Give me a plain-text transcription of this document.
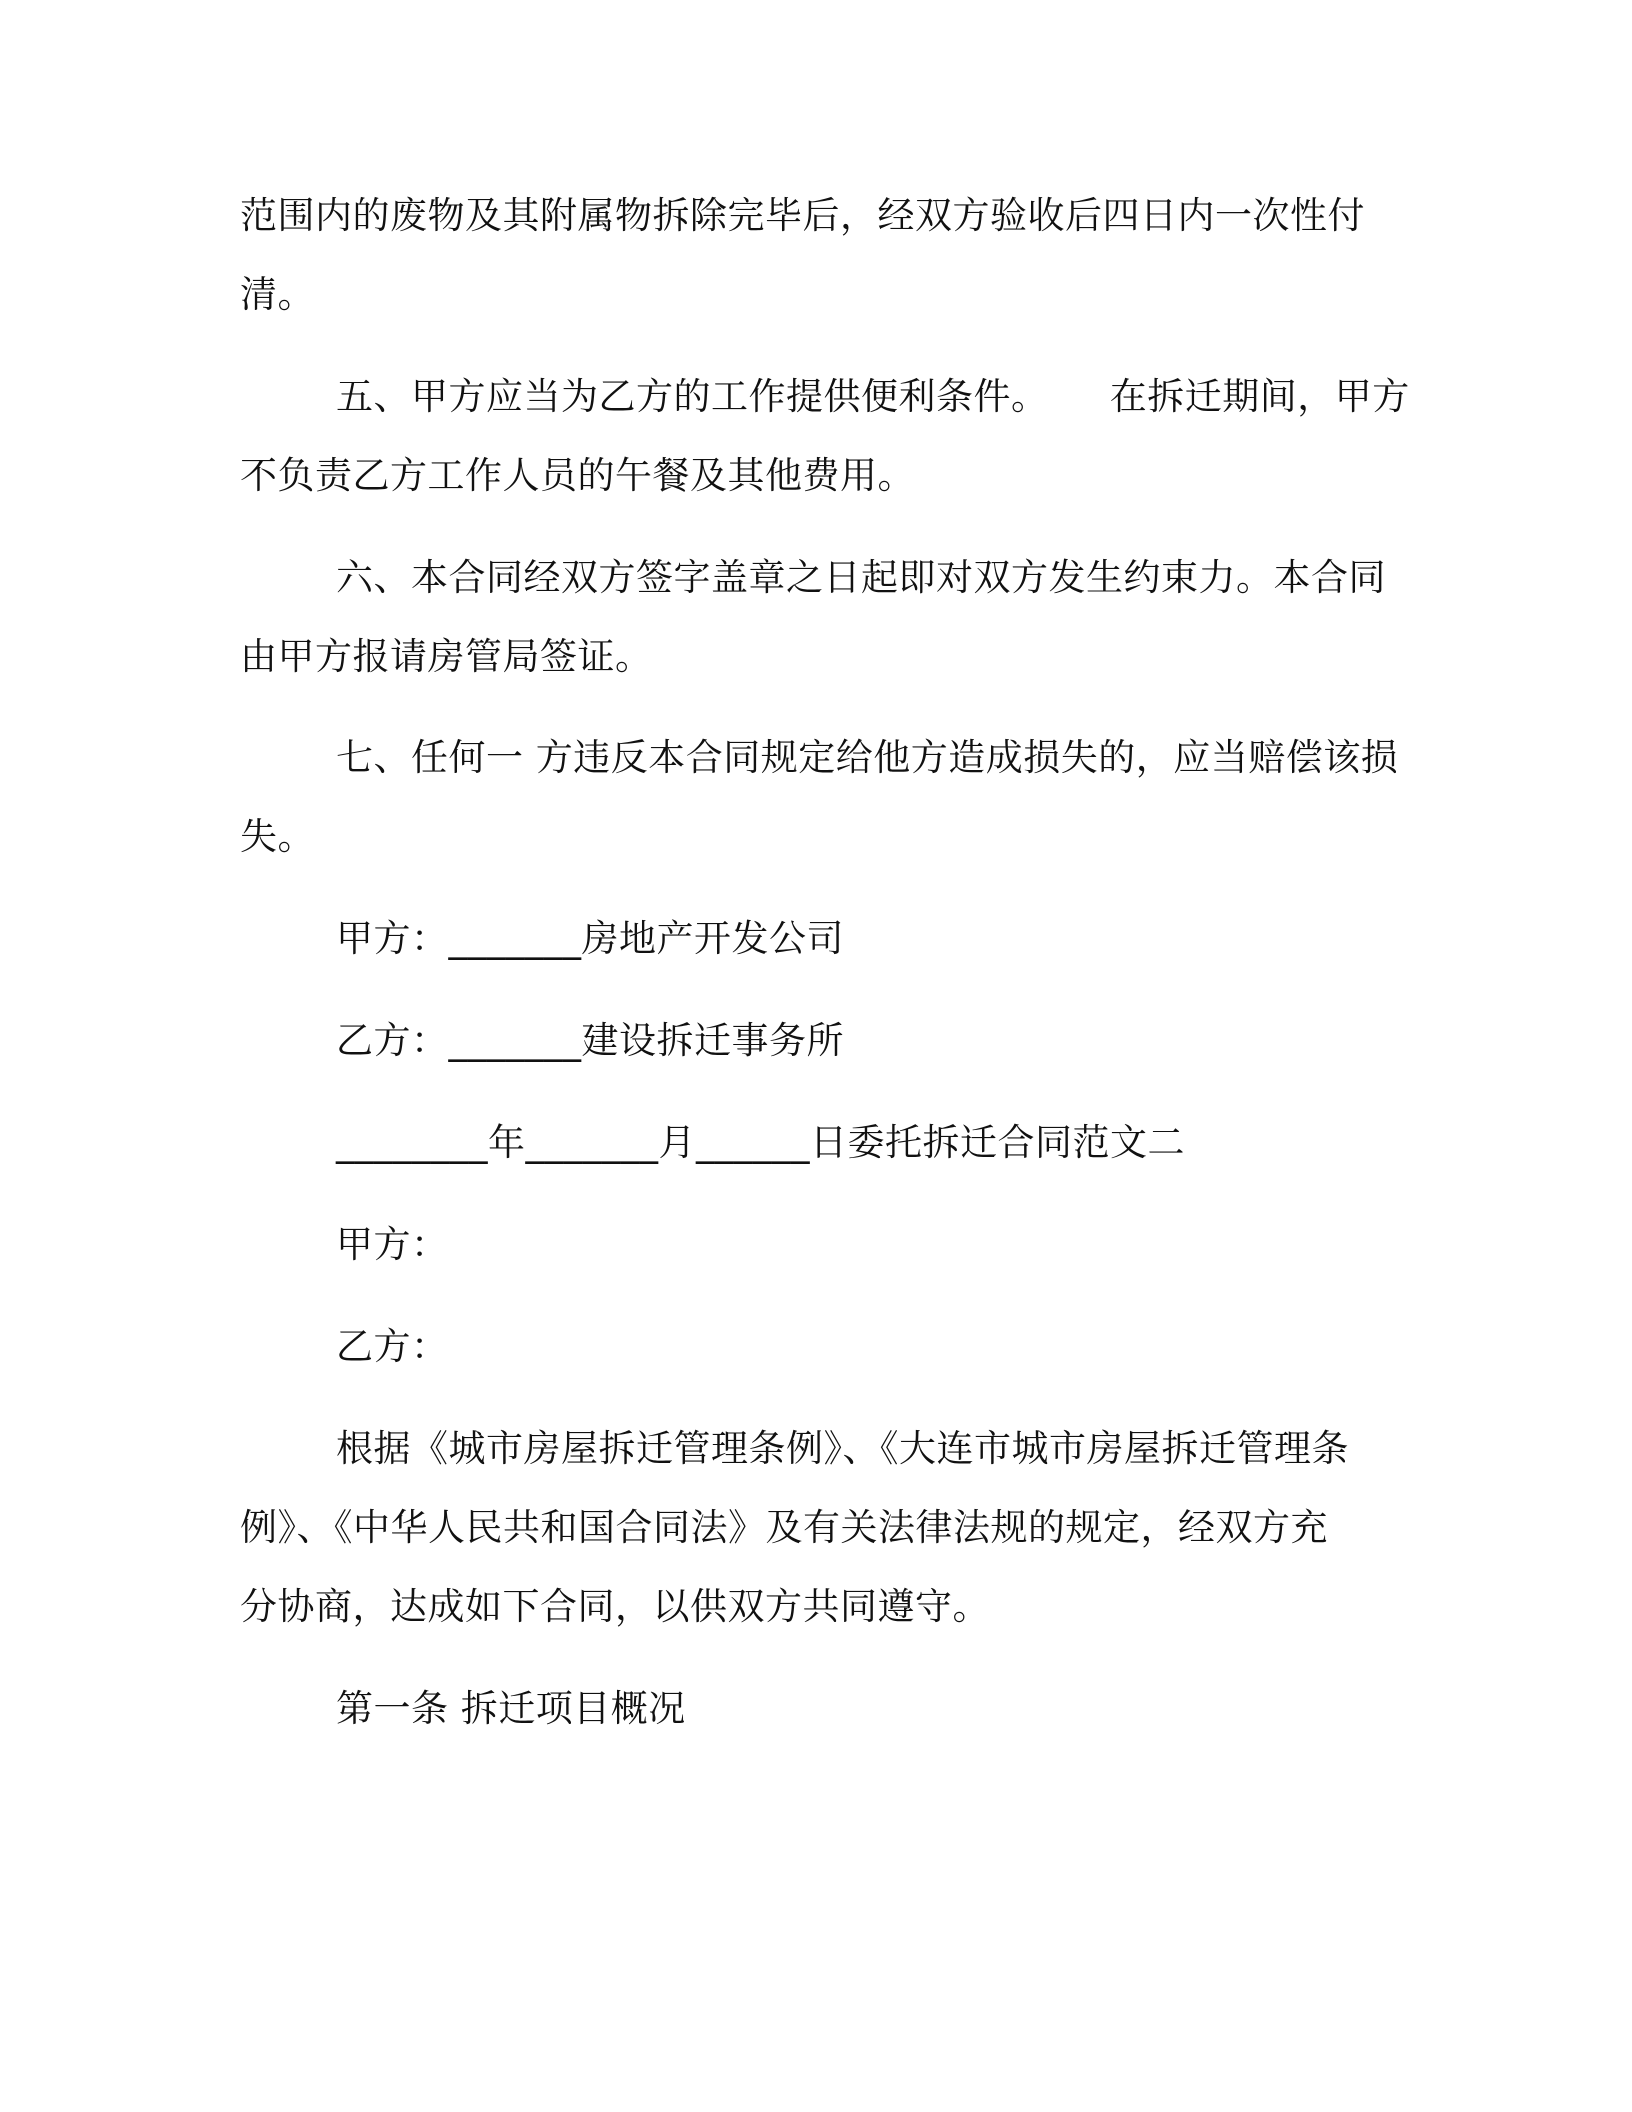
范围内的废物及其附属物拆除完毕后，经双方验收后四日内一次性付
清。
五、甲方应当为乙方的工作提供便利条件。     在拆迁期间，甲方
不负责乙方工作人员的午餐及其他费用。
六、本合同经双方签字盖章之日起即对双方发生约束力。本合同
由甲方报请房管局签证。
七、任何一 方违反本合同规定给他方造成损失的，应当赔偿该损
失。
甲方：_______房地产开发公司
乙方：_______建设拆迁事务所
________年_______月______日委托拆迁合同范文二
甲方：
乙方：
根据《城市房屋拆迁管理条例》、《大连市城市房屋拆迁管理条
例》、《中华人民共和国合同法》及有关法律法规的规定，经双方充
分协商，达成如下合同，以供双方共同遵守。
第一条 拆迁项目概况
